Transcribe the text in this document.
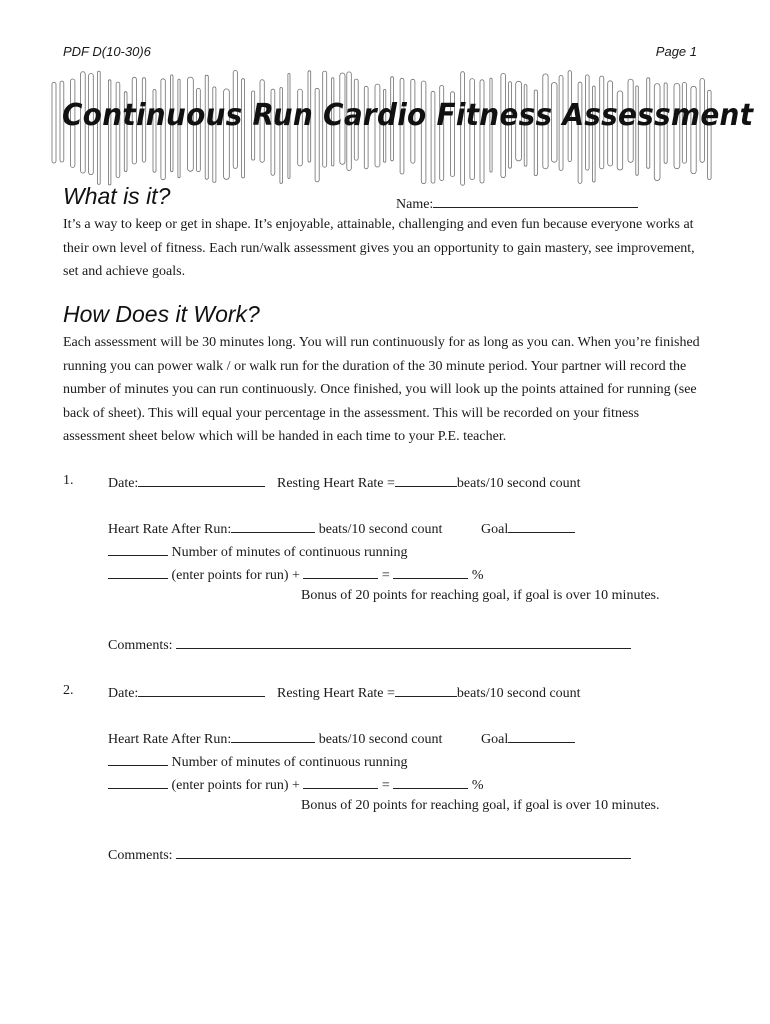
PDF D(10-30)6	Page 1
Continuous Run Cardio Fitness Assessment
What is it?	Name:

It’s a way to keep or get in shape. It’s enjoyable, attainable, challenging and even fun because everyone works at their own level of fitness. Each run/walk assessment gives you an opportunity to gain mastery, see improvement, set and achieve goals.

How Does it Work?

Each assessment will be 30 minutes long. You will run continuously for as long as you can. When you’re finished running you can power walk / or walk run for the duration of the 30 minute period. Your partner will record the number of minutes you can run continuously. Once finished, you will look up the points attained for running (see back of sheet). This will equal your percentage in the assessment. This will be recorded on your fitness assessment sheet below which will be handed in each time to your P.E. teacher.

1. Date:	Resting Heart Rate =	beats/10 second count
Heart Rate After Run:	beats/10 second count	Goal
Number of minutes of continuous running
(enter points for run) +	=	%
Bonus of 20 points for reaching goal, if goal is over 10 minutes.
Comments:
2. Date:	Resting Heart Rate =	beats/10 second count
Heart Rate After Run:	beats/10 second count	Goal
Number of minutes of continuous running
(enter points for run) +	=	%
Bonus of 20 points for reaching goal, if goal is over 10 minutes.
Comments:
